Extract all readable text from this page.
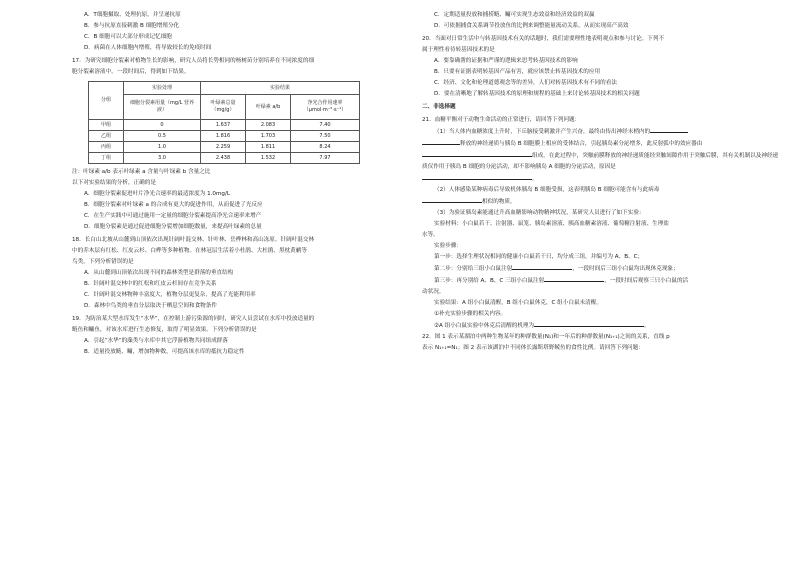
A．T细胞摄取、处理抗原，并呈递抗原

B．参与抗原直接刺激 B 细胞增殖分化

C．B 细胞可以大部分形成记忆细胞

D．病菌在人体细胞内增殖，将导致较长的免疫时间

17．为研究细胞分裂素对植物生长的影响，研究人员将长势相同的杨树苗分别培养在不同浓度的细

胞分裂素溶液中，一段时间后，得到如下结果。

分组	实验处理	实验结果		
	细胞分裂素用量（mg/L 营养液）	叶绿素总量（mg/g）	叶绿素 a/b	净光合作用速率（μmol·m⁻²·s⁻¹）
甲组	0	1.637	2.083	7.40
乙组	0.5	1.816	1.703	7.50
丙组	1.0	2.259	1.811	8.24
丁组	3.0	2.438	1.532	7.97

注：叶绿素 a/b 表示叶绿素 a 含量与叶绿素 b 含量之比

以下对实验结果的分析，正确的是

A．细胞分裂素促进叶片净光合速率的最适浓度为 1.0mg/L

B．细胞分裂素对叶绿素 a 的合成有更大的促进作用，从而促进了光反应

C．在生产实践中可通过施用一定量的细胞分裂素提高净光合速率来增产

D．细胞分裂素是通过促进细胞分裂增加细胞数量，来提高叶绿素的总量

18．长白山北坡从山麓到山顶依次出现针阔叶混交林、针叶林、岳桦林和高山冻原。针阔叶混交林

中的乔木层有红松、红皮云杉、白桦等多种植物。在林冠层生活着小杜鹃、大杜鹃、黑枕黄鹂等

鸟类。下列分析错误的是

A．从山麓到山顶依次出现不同的森林类型是群落的垂直结构

B．针阔叶混交林中的红松和红皮云杉间存在竞争关系

C．针阔叶混交林物种丰富度大，植物分层更复杂，提高了光能利用率

D．森林中鸟类的垂直分层取决于栖息空间和食物条件

19．为防治某大型水库发生“水华”，在控制上游污染源的同时，研究人员尝试在水库中投放适量的

鲢鱼和鳙鱼，对该水库进行生态修复，取得了明显效果。下列分析错误的是

A．引起“水华”的藻类与水库中其它浮游植物共同组成群落

B．适量投放鲢、鳙，增加物种数，可提高该水库的抵抗力稳定性

C．定期适量投放和捕捞鲢、鳙可实现生态效益和经济效益的双赢

D．可依据捕食关系调节投放鱼的比例来调整能量流动关系，从而实现高产高效

20．当面对日常生活中与转基因技术有关的话题时，我们需要理性地表明观点和参与讨论。下列不

属于理性看待转基因技术的是

A．要靠确凿的证据和严谨的逻辑来思考转基因技术的影响

B．只要有证据表明转基因产品有害，就应该禁止转基因技术的应用

C．经济、文化和伦理道德观念等的差异，人们对转基因技术有不同的看法

D．要在清晰地了解转基因技术的原理和规程的基础上来讨论转基因技术的相关问题

二、非选择题

21．血糖平衡对于动物生命活动的正常进行，请回答下列问题：

（1）当人体内血糖浓度上升时，下丘脑接受刺激并产生兴奋，最终由传出神经末梢内的

释放的神经递质与胰岛 B 细胞膜上相应的受体结合，引起胰岛素分泌增多，此反射弧中的效应器由

组成。在此过程中，突触前膜释放的神经递质能经突触间隙作用于突触后膜，其有关机制以及神经递

质仅作用于胰岛 B 细胞的分泌活动，却不影响胰岛 A 细胞的分泌活动，原因是

。

（2）人体感染某种病毒后导致机体胰岛 B 细胞受损，这表明胰岛 B 细胞可能含有与此病毒

相似的物质。

（3）为验证胰岛素能通过升高血糖影响动物精神状况，某研究人员进行了如下实验：

实验材料：小白鼠若干、注射器、鼠笼、胰岛素溶液、胰高血糖素溶液、葡萄糖注射液、生理盐

水等。

实验步骤：

第一步：选择生理状况相同的健康小白鼠若干只，均分成三组，并编号为 A、B、C；

第二步：分别给三组小白鼠注射	，一段时间后三组小白鼠均出现休克现象；

第三步：再分别给 A、B、C 三组小白鼠注射	，一段时间后观察三只小白鼠的活

动状况。

实验结果：A 组小白鼠清醒，B 组小白鼠休克，C 组小白鼠未清醒。

①补充实验步骤的相关内容。

②A 组小白鼠实验中休克后清醒的机理为	。

22．图 1 表示某湖泊中两种生物某年的种群数量(N₁)和一年后的种群数量(N₁₊₁)之间的关系，直线 p

表示 N₁₊₁=N₁；图 2 表示该湖泊中不同体长露斯塔野鲮鱼的食性比例。请回答下列问题：
